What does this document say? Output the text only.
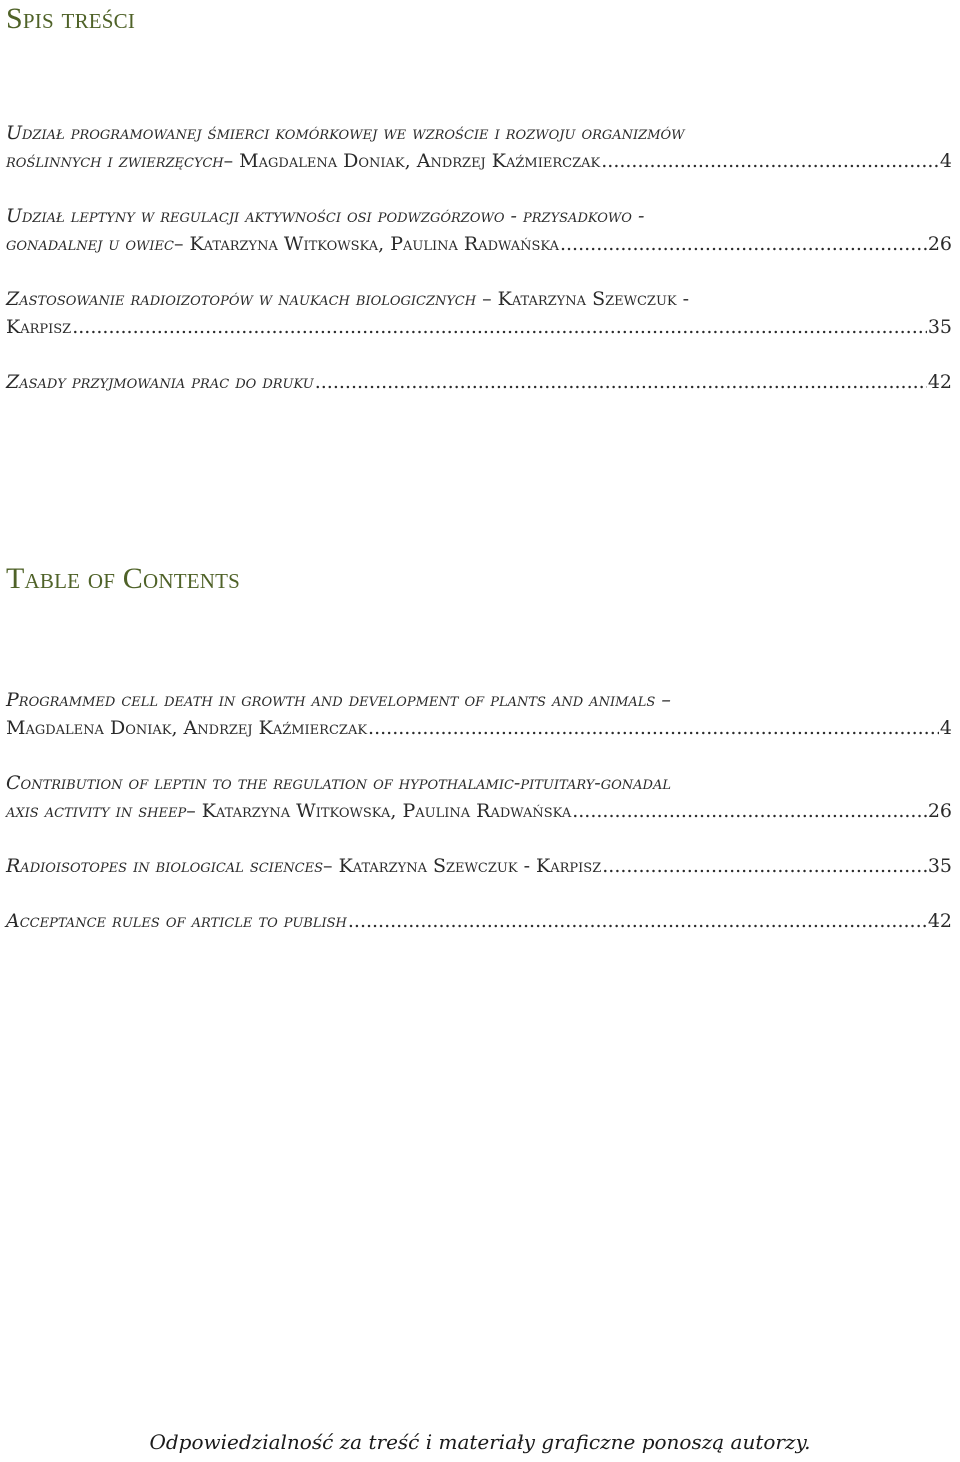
Spis treści
Udział programowanej śmierci komórkowej we wzroście i rozwoju organizmów
roślinnych i zwierzęcych – Magdalena Doniak, Andrzej Kaźmierczak .....	4
Udział leptyny w regulacji aktywności osi podwzgórzowo - przysadkowo -
gonadalnej u owiec – Katarzyna Witkowska, Paulina Radwańska .....	26
Zastosowanie radioizotopów w naukach biologicznych – Katarzyna Szewczuk -
Karpisz .....	35
Zasady przyjmowania prac do druku .....	42
Table of Contents
Programmed cell death in growth and development of plants and animals –
Magdalena Doniak, Andrzej Kaźmierczak .....	4
Contribution of leptin to the regulation of hypothalamic-pituitary-gonadal
axis activity in sheep – Katarzyna Witkowska, Paulina Radwańska .....	26
Radioisotopes in biological sciences – Katarzyna Szewczuk - Karpisz .....	35
Acceptance rules of article to publish .....	42
Odpowiedzialność za treść i materiały graficzne ponoszą autorzy.
